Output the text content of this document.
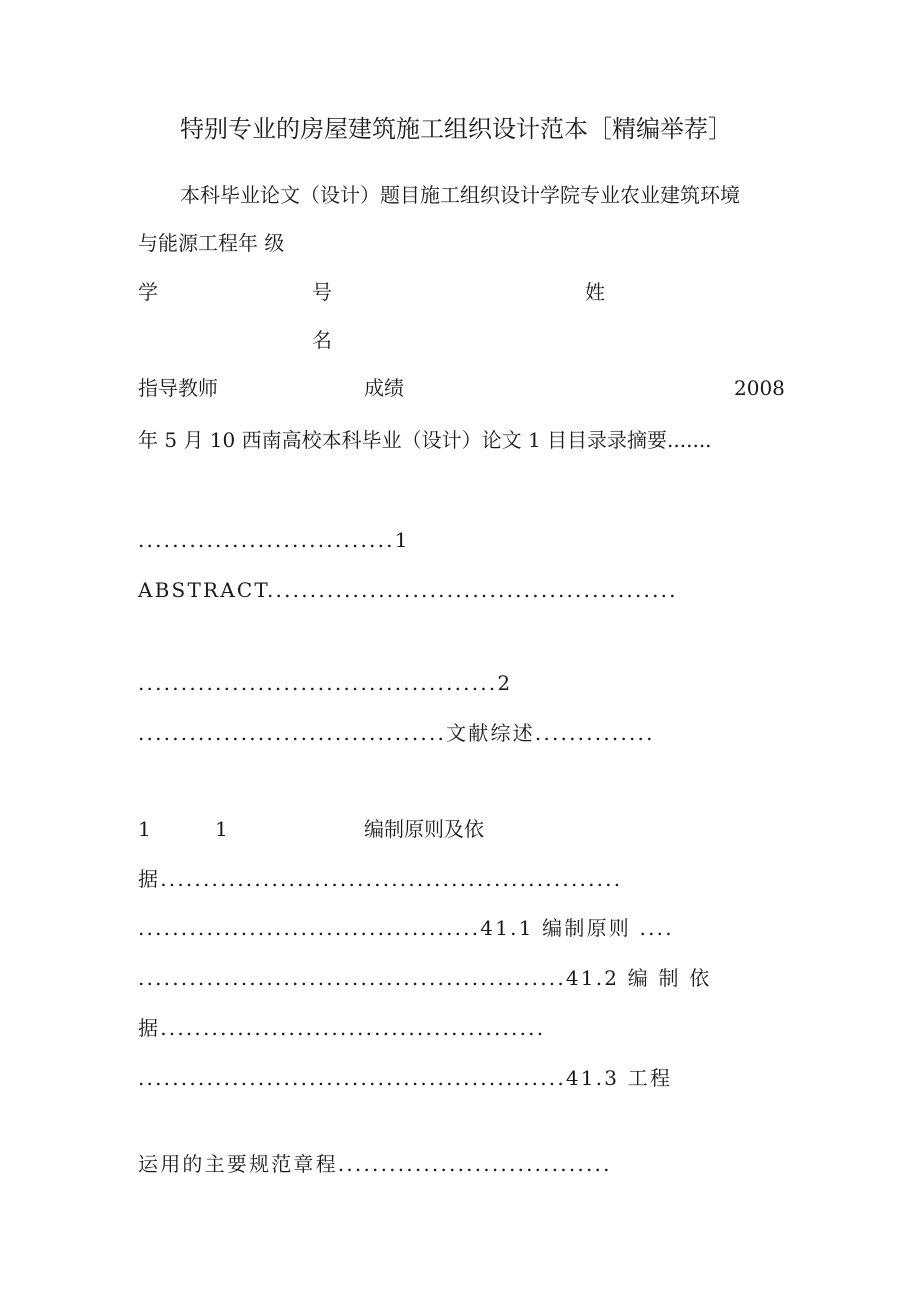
特别专业的房屋建筑施工组织设计范本［精编举荐］
本科毕业论文（设计）题目施工组织设计学院专业农业建筑环境
与能源工程年 级
学	号	姓
名
指导教师	成绩	2008
年 5 月 10 西南高校本科毕业（设计）论文 1 目目录录摘要.......
..............................1
ABSTRACT................................................
..........................................2
....................................文献综述..............
1	1	编制原则及依
据......................................................
........................................41.1 编制原则 ....
..................................................41.2 编 制 依
据.............................................
..................................................41.3 工程
运用的主要规范章程................................
